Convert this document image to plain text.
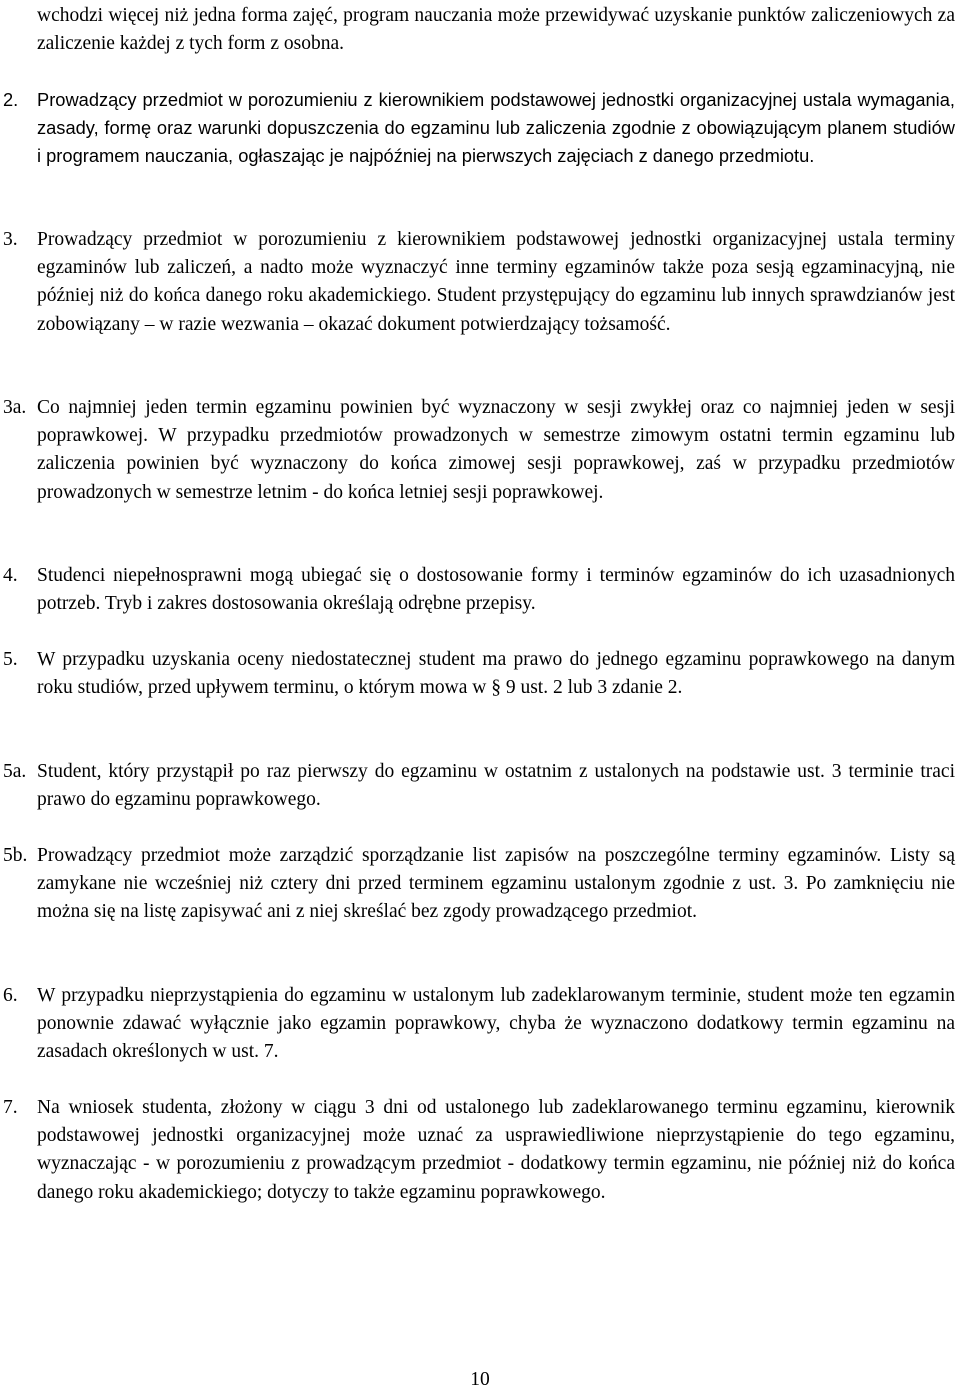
wchodzi więcej niż jedna forma zajęć, program nauczania może przewidywać uzyskanie punktów zaliczeniowych za zaliczenie każdej z tych form z osobna.

2. Prowadzący przedmiot w porozumieniu z kierownikiem podstawowej jednostki organizacyjnej ustala wymagania, zasady, formę oraz warunki dopuszczenia do egzaminu lub zaliczenia zgodnie z obowiązującym planem studiów i programem nauczania, ogłaszając je najpóźniej na pierwszych zajęciach z danego przedmiotu.
3. Prowadzący przedmiot w porozumieniu z kierownikiem podstawowej jednostki organizacyjnej ustala terminy egzaminów lub zaliczeń, a nadto może wyznaczyć inne terminy egzaminów także poza sesją egzaminacyjną, nie później niż do końca danego roku akademickiego. Student przystępujący do egzaminu lub innych sprawdzianów jest zobowiązany – w razie wezwania – okazać dokument potwierdzający tożsamość.
3a. Co najmniej jeden termin egzaminu powinien być wyznaczony w sesji zwykłej oraz co najmniej jeden w sesji poprawkowej. W przypadku przedmiotów prowadzonych w semestrze zimowym ostatni termin egzaminu lub zaliczenia powinien być wyznaczony do końca zimowej sesji poprawkowej, zaś w przypadku przedmiotów prowadzonych w semestrze letnim - do końca letniej sesji poprawkowej.
4. Studenci niepełnosprawni mogą ubiegać się o dostosowanie formy i terminów egzaminów do ich uzasadnionych potrzeb. Tryb i zakres dostosowania określają odrębne przepisy.
5. W przypadku uzyskania oceny niedostatecznej student ma prawo do jednego egzaminu poprawkowego na danym roku studiów, przed upływem terminu, o którym mowa w § 9 ust. 2 lub 3 zdanie 2.
5a. Student, który przystąpił po raz pierwszy do egzaminu w ostatnim z ustalonych na podstawie ust. 3 terminie traci prawo do egzaminu poprawkowego.
5b. Prowadzący przedmiot może zarządzić sporządzanie list zapisów na poszczególne terminy egzaminów. Listy są zamykane nie wcześniej niż cztery dni przed terminem egzaminu ustalonym zgodnie z ust. 3. Po zamknięciu nie można się na listę zapisywać ani z niej skreślać bez zgody prowadzącego przedmiot.
6. W przypadku nieprzystąpienia do egzaminu w ustalonym lub zadeklarowanym terminie, student może ten egzamin ponownie zdawać wyłącznie jako egzamin poprawkowy, chyba że wyznaczono dodatkowy termin egzaminu na zasadach określonych w ust. 7.
7. Na wniosek studenta, złożony w ciągu 3 dni od ustalonego lub zadeklarowanego terminu egzaminu, kierownik podstawowej jednostki organizacyjnej może uznać za usprawiedliwione nieprzystąpienie do tego egzaminu, wyznaczając - w porozumieniu z prowadzącym przedmiot - dodatkowy termin egzaminu, nie później niż do końca danego roku akademickiego; dotyczy to także egzaminu poprawkowego.
10
